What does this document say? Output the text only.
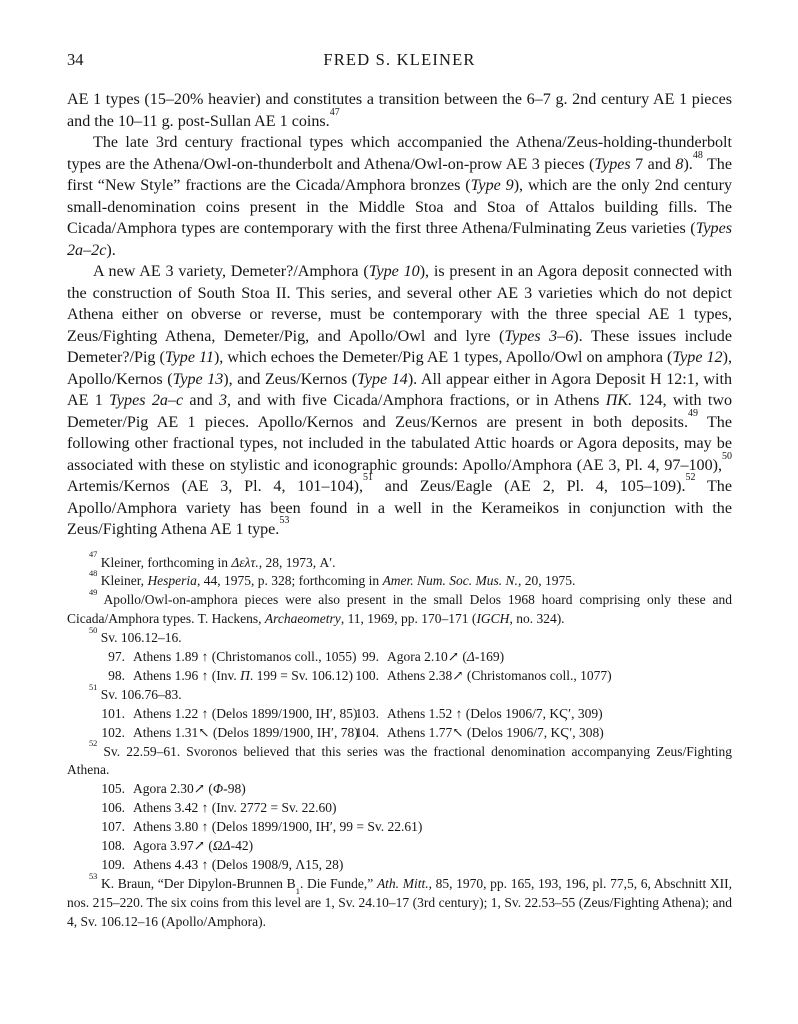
34	FRED S. KLEINER

AE 1 types (15–20% heavier) and constitutes a transition between the 6–7 g. 2nd century AE 1 pieces and the 10–11 g. post-Sullan AE 1 coins.$^{47}$

The late 3rd century fractional types which accompanied the Athena/Zeus-holding-thunderbolt types are the Athena/Owl-on-thunderbolt and Athena/Owl-on-prow AE 3 pieces (Types 7 and 8).$^{48}$ The first “New Style” fractions are the Cicada/Amphora bronzes (Type 9), which are the only 2nd century small-denomination coins present in the Middle Stoa and Stoa of Attalos building fills. The Cicada/Amphora types are contemporary with the first three Athena/Fulminating Zeus varieties (Types 2a–2c).

A new AE 3 variety, Demeter?/Amphora (Type 10), is present in an Agora deposit connected with the construction of South Stoa II. This series, and several other AE 3 varieties which do not depict Athena either on obverse or reverse, must be contemporary with the three special AE 1 types, Zeus/Fighting Athena, Demeter/Pig, and Apollo/Owl and lyre (Types 3–6). These issues include Demeter?/Pig (Type 11), which echoes the Demeter/Pig AE 1 types, Apollo/Owl on amphora (Type 12), Apollo/Kernos (Type 13), and Zeus/Kernos (Type 14). All appear either in Agora Deposit H 12:1, with AE 1 Types 2a–c and 3, and with five Cicada/Amphora fractions, or in Athens ΠΚ. 124, with two Demeter/Pig AE 1 pieces. Apollo/Kernos and Zeus/Kernos are present in both deposits.$^{49}$ The following other fractional types, not included in the tabulated Attic hoards or Agora deposits, may be associated with these on stylistic and iconographic grounds: Apollo/Amphora (AE 3, Pl. 4, 97–100),$^{50}$ Artemis/Kernos (AE 3, Pl. 4, 101–104),$^{51}$ and Zeus/Eagle (AE 2, Pl. 4, 105–109).$^{52}$ The Apollo/Amphora variety has been found in a well in the Kerameikos in conjunction with the Zeus/Fighting Athena AE 1 type.$^{53}$

$^{47}$ Kleiner, forthcoming in Δελτ., 28, 1973, A′.

$^{48}$ Kleiner, Hesperia, 44, 1975, p. 328; forthcoming in Amer. Num. Soc. Mus. N., 20, 1975.

$^{49}$ Apollo/Owl-on-amphora pieces were also present in the small Delos 1968 hoard comprising only these and Cicada/Amphora types. T. Hackens, Archaeometry, 11, 1969, pp. 170–171 (IGCH, no. 324).

$^{50}$ Sv. 106.12–16.

97. Athens 1.89 ↑ (Christomanos coll., 1055) 99. Agora 2.10↗ (Δ-169)
98. Athens 1.96 ↑ (Inv. Π. 199 = Sv. 106.12) 100. Athens 2.38↗ (Christomanos coll., 1077)

$^{51}$ Sv. 106.76–83.

101. Athens 1.22 ↑ (Delos 1899/1900, ΙΗ′, 85)
103. Athens 1.52 ↑ (Delos 1906/7, ΚϚ′, 309)
102. Athens 1.31↖ (Delos 1899/1900, ΙΗ′, 78)
104. Athens 1.77↖ (Delos 1906/7, ΚϚ′, 308)

$^{52}$ Sv. 22.59–61. Svoronos believed that this series was the fractional denomination accompanying Zeus/Fighting Athena.

105. Agora 2.30↗ (Φ-98)
106. Athens 3.42 ↑ (Inv. 2772 = Sv. 22.60)
107. Athens 3.80 ↑ (Delos 1899/1900, ΙΗ′, 99 = Sv. 22.61)
108. Agora 3.97↗ (ΩΔ-42)
109. Athens 4.43 ↑ (Delos 1908/9, Λ15, 28)

$^{53}$ K. Braun, “Der Dipylon-Brunnen $B_1$. Die Funde,” Ath. Mitt., 85, 1970, pp. 165, 193, 196, pl. 77,5, 6, Abschnitt XII, nos. 215–220. The six coins from this level are 1, Sv. 24.10–17 (3rd century); 1, Sv. 22.53–55 (Zeus/Fighting Athena); and 4, Sv. 106.12–16 (Apollo/Amphora).
